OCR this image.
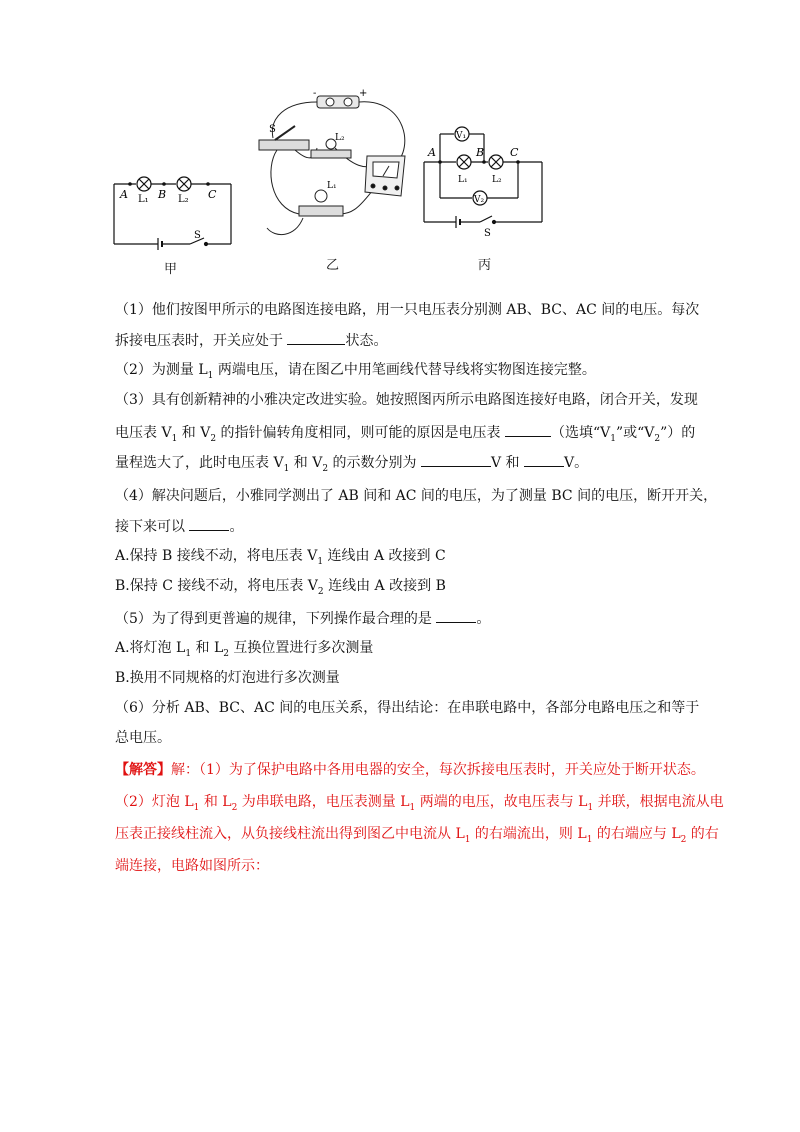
A	B	C
L₁	L₂
S
甲
-	+
S
L₂
L₁
乙
V₁
V₂
A	B C
L₁	L₂
S
丙
（1）他们按图甲所示的电路图连接电路，用一只电压表分别测 AB、BC、AC 间的电压。每次
拆接电压表时，开关应处于	状态。
（2）为测量 $L_1$ 两端电压，请在图乙中用笔画线代替导线将实物图连接完整。
（3）具有创新精神的小雅决定改进实验。她按照图丙所示电路图连接好电路，闭合开关，发现
电压表 $V_1$ 和 $V_2$ 的指针偏转角度相同，则可能的原因是电压表	（选填“$V_1$”或“$V_2$”）的
量程选大了，此时电压表 $V_1$ 和 $V_2$ 的示数分别为	V 和	V。
（4）解决问题后，小雅同学测出了 AB 间和 AC 间的电压，为了测量 BC 间的电压，断开开关，
接下来可以	。
A.保持 B 接线不动，将电压表 $V_1$ 连线由 A 改接到 C
B.保持 C 接线不动，将电压表 $V_2$ 连线由 A 改接到 B
（5）为了得到更普遍的规律，下列操作最合理的是	。
A.将灯泡 $L_1$ 和 $L_2$ 互换位置进行多次测量
B.换用不同规格的灯泡进行多次测量
（6）分析 AB、BC、AC 间的电压关系，得出结论：在串联电路中，各部分电路电压之和等于
总电压。
【解答】解：（1）为了保护电路中各用电器的安全，每次拆接电压表时，开关应处于断开状态。
（2）灯泡 $L_1$ 和 $L_2$ 为串联电路，电压表测量 $L_1$ 两端的电压，故电压表与 $L_1$ 并联，根据电流从电
压表正接线柱流入，从负接线柱流出得到图乙中电流从 $L_1$ 的右端流出，则 $L_1$ 的右端应与 $L_2$ 的右
端连接，电路如图所示：
